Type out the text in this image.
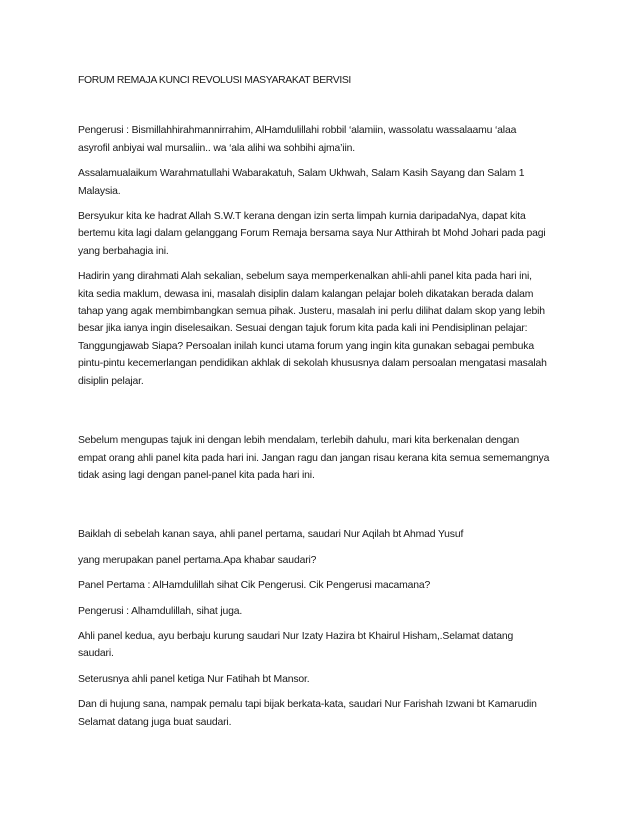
FORUM REMAJA KUNCI REVOLUSI MASYARAKAT BERVISI

Pengerusi : Bismillahhirahmannirrahim, AlHamdulillahi robbil ‘alamiin, wassolatu wassalaamu ‘alaa
asyrofil anbiyai wal mursaliin.. wa ‘ala alihi wa sohbihi ajma’iin.

Assalamualaikum Warahmatullahi Wabarakatuh, Salam Ukhwah, Salam Kasih Sayang dan Salam 1
Malaysia.

Bersyukur kita ke hadrat Allah S.W.T kerana dengan izin serta limpah kurnia daripadaNya, dapat kita
bertemu kita lagi dalam gelanggang Forum Remaja bersama saya Nur Atthirah bt Mohd Johari pada pagi
yang berbahagia ini.

Hadirin yang dirahmati Alah sekalian, sebelum saya memperkenalkan ahli-ahli panel kita pada hari ini,
kita sedia maklum, dewasa ini, masalah disiplin dalam kalangan pelajar boleh dikatakan berada dalam
tahap yang agak membimbangkan semua pihak. Justeru, masalah ini perlu dilihat dalam skop yang lebih
besar jika ianya ingin diselesaikan. Sesuai dengan tajuk forum kita pada kali ini Pendisiplinan pelajar:
Tanggungjawab Siapa? Persoalan inilah kunci utama forum yang ingin kita gunakan sebagai pembuka
pintu-pintu kecemerlangan pendidikan akhlak di sekolah khususnya dalam persoalan mengatasi masalah
disiplin pelajar.

Sebelum mengupas tajuk ini dengan lebih mendalam, terlebih dahulu, mari kita berkenalan dengan
empat orang ahli panel kita pada hari ini. Jangan ragu dan jangan risau kerana kita semua sememangnya
tidak asing lagi dengan panel-panel kita pada hari ini.

Baiklah di sebelah kanan saya, ahli panel pertama, saudari Nur Aqilah bt Ahmad Yusuf

yang merupakan panel pertama.Apa khabar saudari?

Panel Pertama : AlHamdulillah sihat Cik Pengerusi. Cik Pengerusi macamana?

Pengerusi : Alhamdulillah, sihat juga.

Ahli panel kedua, ayu berbaju kurung saudari Nur Izaty Hazira bt Khairul Hisham,.Selamat datang
saudari.

Seterusnya ahli panel ketiga Nur Fatihah bt Mansor.

Dan di hujung sana, nampak pemalu tapi bijak berkata-kata, saudari Nur Farishah Izwani bt Kamarudin
Selamat datang juga buat saudari.
